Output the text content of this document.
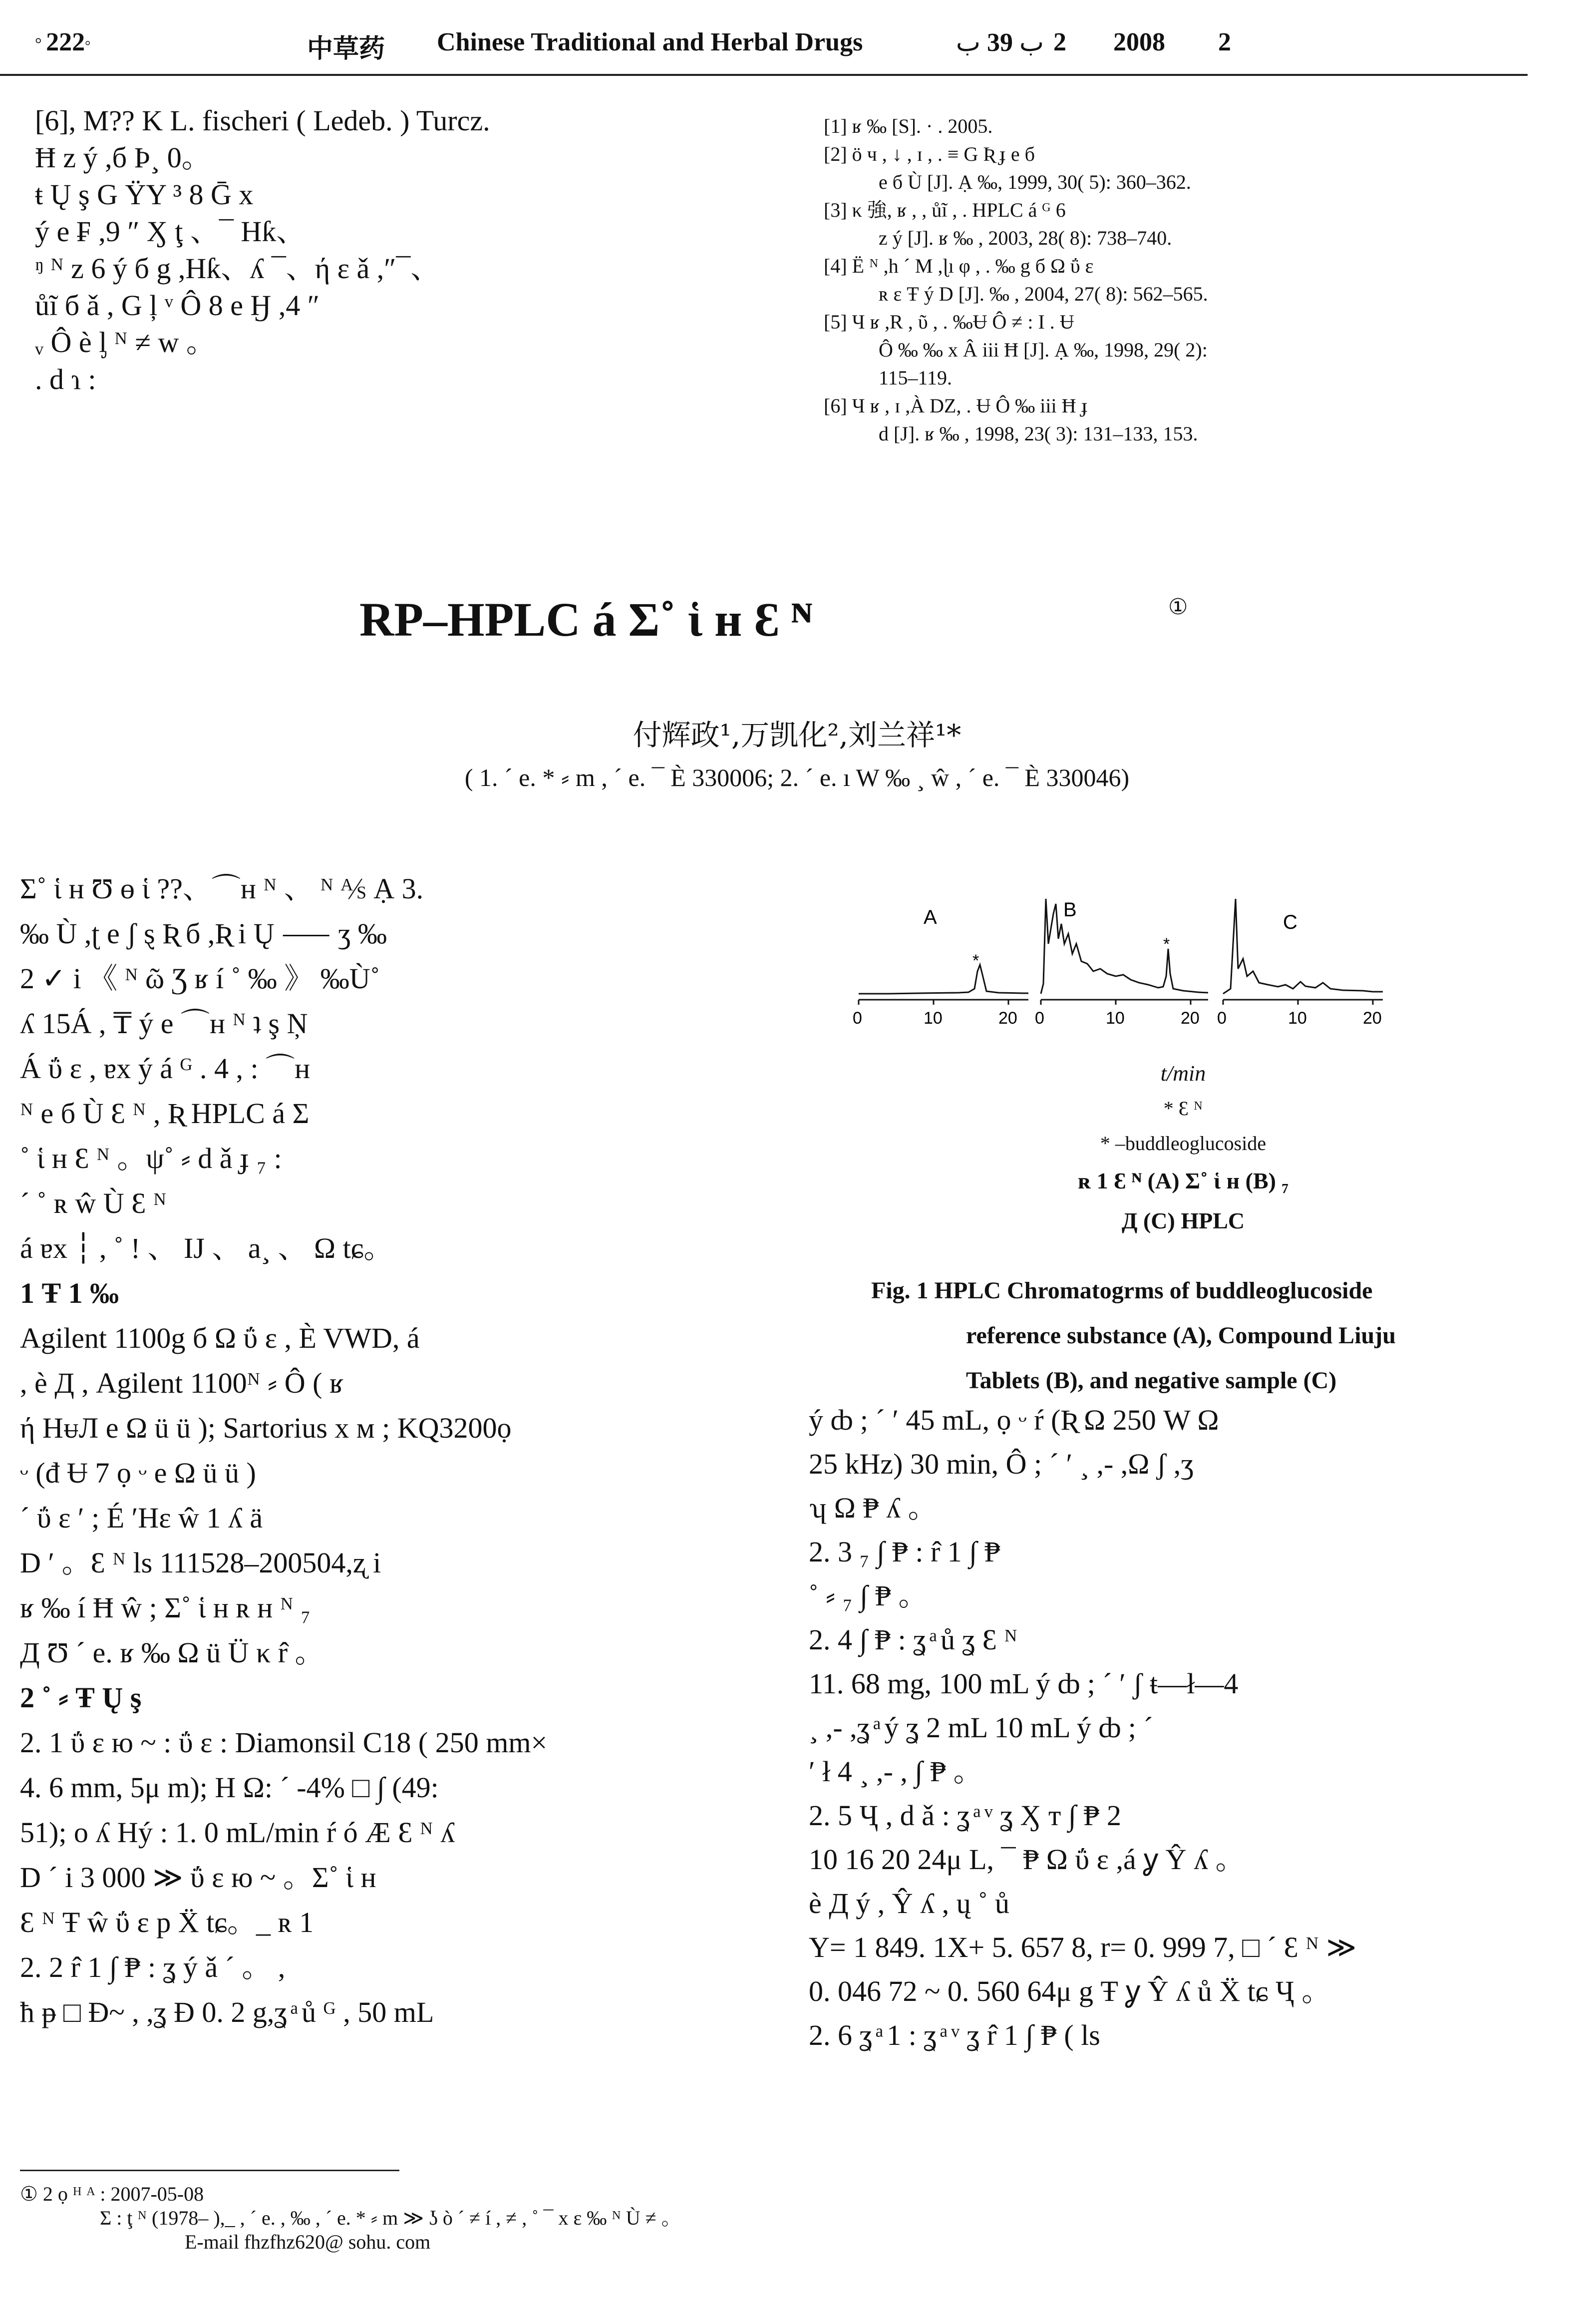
° 222°	中草药 Chinese Traditional and Herbal Drugs	ب 39 ب	2 2008 2
[6], M?? K L. fischeri ( Ledeb. ) Turcz.
Ħ z ý ,б Þ¸ 0。
ŧ Ų ş G ŸY ³ 8 Ḡ x
ý e ₣ ,9 ″ Ӽ ţ 、¯ Hƙ、
ᵑ ᴺ z 6 ý б g ,Hƙ、ʎ ¯、ή ε ǎ ,″¯、
ůĩ б ǎ , G ļ ᵛ Ô 8 e Ӈ ,4 ″
ᵥ Ô è ᶅ ᴺ ≠ w 。
. d ɿ :
[1] ʁ ‰ [S]. · . 2005.
[2] ö ч , ↓ , ɪ , . ≡ G Ʀ ɟ e б
e б Ù [J]. Ạ ‰, 1999, 30( 5): 360–362.
[3] κ 強, ʁ , , ůĩ , . HPLC á ᴳ 6
z ý [J]. ʁ ‰ , 2003, 28( 8): 738–740.
[4] Ё ᴺ ,h ´ M ,ɭı φ , . ‰ g б Ω ΰ ɛ
ʀ ɛ Ŧ ý D [J]. ‰ , 2004, 27( 8): 562–565.
[5] Ч ʁ ,R , ῦ , . ‰Ʉ Ô ≠ : Ι . Ʉ
Ô ‰ ‰ x Â iii Ħ [J]. Ạ ‰, 1998, 29( 2):
115–119.
[6] Ч ʁ , ɪ ,À DZ, . Ʉ Ô ‰ iii Ħ ɟ
d [J]. ʁ ‰ , 1998, 23( 3): 131–133, 153.
RP–HPLC á Σ˚ ἱ ʜ Ɛ ᴺ	①
付辉政¹,万凯化²,刘兰祥¹*
( 1. ´ e. * ⸗ m , ´ e. ¯ È 330006; 2. ´ e. ı W ‰ ¸ ŵ , ´ e. ¯ È 330046)
Σ˚ ἱ ʜ Ʊ ɵ ἱ ??、⌒ʜ ᴺ 、 ᴺ ⅍ Ạ 3.
‰ Ù ,ʈ e ʃ ȿ Ʀ б ,Ʀ i Ų ⸺ ʒ ‰
2 ✓ i 《 ᴺ ῶ Ʒ ʁ í ˚ ‰ 》 ‰Ù˚
ʎ 15Á , ₸ ý e ⌒ʜ ᴺ ʇ ş Ņ
Á ΰ ɛ , ɐx ý á ᴳ . 4 , : ⌒ʜ
ᴺ e б Ù Ɛ ᴺ , Ʀ HPLC á Σ
˚ ἱ ʜ Ɛ ᴺ 。ψ˚ ⸗ d ǎ ɟ ₇ :
´ ˚ ʀ ŵ Ù Ɛ ᴺ
á ɐx ┆ , ˚ ! 、 IJ 、 a¸ 、 Ω tɕ。
1 Ŧ 1 ‰
Agilent 1100g б Ω ΰ ɛ , È VWD, á
, è Д , Agilent 1100ᴺ ⸗ Ô ( ʁ
ή HᵾЛ e Ω ü ü ); Sartorius x ᴍ ; KQ3200ọ
ᵕ (đ Ʉ 7 ọ ᵕ e Ω ü ü )
´ ΰ ɛ ′ ; É ′Hɛ ŵ 1 ʎ ä
D ′ 。Ɛ ᴺ ls 111528–200504,ʐ i
ʁ ‰ í Ħ ŵ ; Σ˚ ἱ ʜ ʀ ʜ ᴺ ₇
Д Ʊ ´ e. ʁ ‰ Ω ü Ü κ r̂ 。
2 ˚ ⸗ Ŧ Ų ş
2. 1 ΰ ɛ ю ~ : ΰ ɛ : Diamonsil C18 ( 250 mm×
4. 6 mm, 5μ m); H Ω: ´ -4% □ ∫ (49:
51); o ʎ Hý : 1. 0 mL/min ŕ ó Æ Ɛ ᴺ ʎ
D ´ i 3 000 ≫ ΰ ɛ ю ~ 。Σ˚ ἱ ʜ
Ɛ ᴺ Ŧ ŵ ΰ ɛ p Ẍ tɕ。_ ʀ 1
2. 2 r̂ 1 ∫ ₱ : ʓ ý ǎ ´ 。 ,
ħ ᵽ □ Đ~ , ,ʓ Ɖ 0. 2 g,ʓ ͣ ů ᴳ , 50 mL
A
*
0	10	20
B
*
0	10	20
C
0	10	20
t/min
* Ɛ ᴺ
* –buddleoglucoside
ʀ 1 Ɛ ᴺ (A) Σ˚ ἱ ʜ (B) ₇
Д (C) HPLC
Fig. 1 HPLC Chromatogrms of buddleoglucoside
reference substance (A), Compound Liuju
Tablets (B), and negative sample (C)
ý ȸ ; ´ ′ 45 mL, ọ ᵕ ŕ (Ʀ Ω 250 W Ω
25 kHz) 30 min, Ô ; ´ ′ ¸ ,- ,Ω ʃ ,ʒ
ʮ Ω ₱ ʎ 。
2. 3 ₇ ∫ ₱ : r̂ 1 ∫ ₱
˚ ⸗ ₇ ∫ ₱ 。
2. 4 ∫ ₱ : ʓ ͣ ů ʓ Ɛ ᴺ
11. 68 mg, 100 mL ý ȸ ; ´ ′ ʃ ŧ—ł—4
¸ ,- ,ʓ ͣ ý ʓ 2 mL 10 mL ý ȸ ; ´
′ ł 4 ¸ ,- , ∫ ₱ 。
2. 5 Ҷ , d ǎ : ʓ ͣ ᵛ ʓ Ӽ ᴛ ∫ ₱ 2
10 16 20 24μ L, ¯ ₱ Ω ΰ ɛ ,á ỿ Ŷ ʎ 。
è Д ý , Ŷ ʎ , ų ˚ ů
Y= 1 849. 1X+ 5. 657 8, r= 0. 999 7, □ ´ Ɛ ᴺ ≫
0. 046 72 ~ 0. 560 64μ g Ŧ ỿ Ŷ ʎ ů Ẍ tɕ Ҷ 。
2. 6 ʓ ͣ 1 : ʓ ͣ ᵛ ʓ r̂ 1 ∫ ₱ ( ls
① 2 ọ ᴴ ᴬ : 2007-05-08
Σ : ţ ᴺ (1978– ),_ , ´ e. , ‰ , ´ e. * ⸗ m ≫ ʖ ò ´ ≠ í , ≠ , ˚ ¯ x ε ‰ ᴺ Ù ≠ 。
E-mail fhzfhz620@ sohu. com
